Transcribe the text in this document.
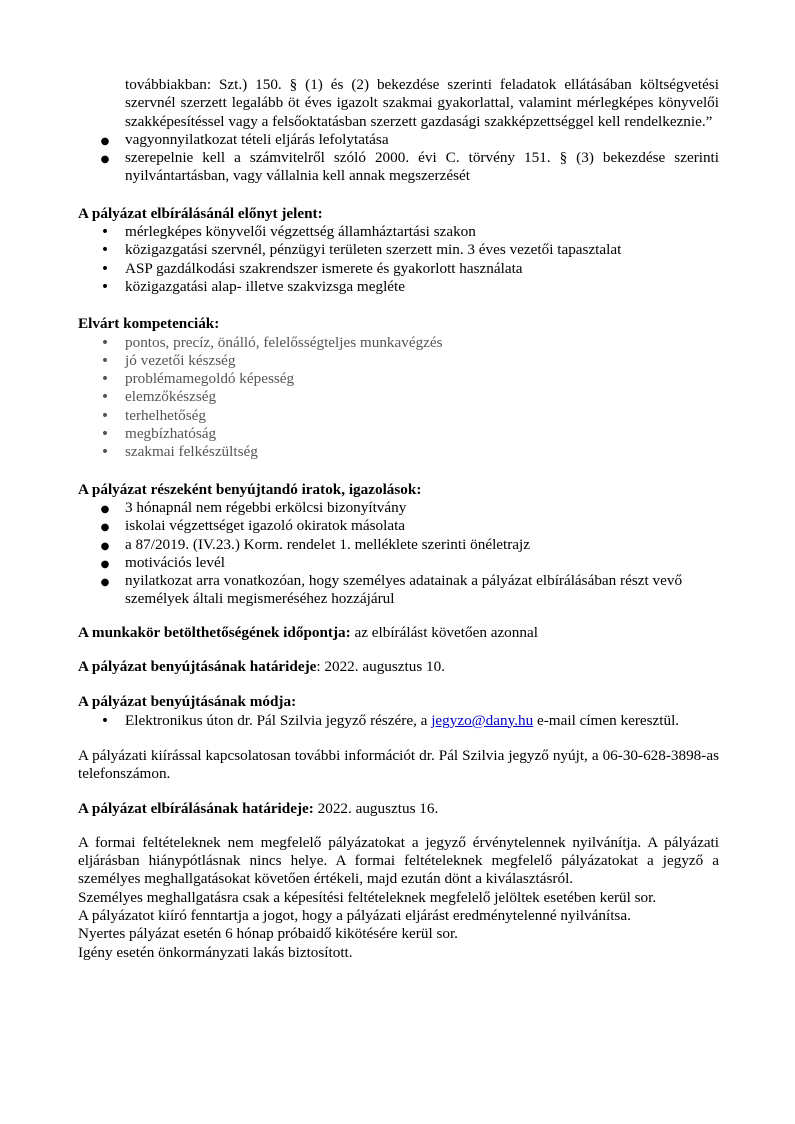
továbbiakban: Szt.) 150. § (1) és (2) bekezdése szerinti feladatok ellátásában költségvetési szervnél szerzett legalább öt éves igazolt szakmai gyakorlattal, valamint mérlegképes könyvelői szakképesítéssel vagy a felsőoktatásban szerzett gazdasági szakképzettséggel kell rendelkeznie.”

●
vagyonnyilatkozat tételi eljárás lefolytatása
●
szerepelnie kell a számvitelről szóló 2000. évi C. törvény 151. § (3) bekezdése szerinti nyilvántartásban, vagy vállalnia kell annak megszerzését

A pályázat elbírálásánál előnyt jelent:

•
mérlegképes könyvelői végzettség államháztartási szakon
•
közigazgatási szervnél, pénzügyi területen szerzett min. 3 éves vezetői tapasztalat
•
ASP gazdálkodási szakrendszer ismerete és gyakorlott használata
•
közigazgatási alap- illetve szakvizsga megléte

Elvárt kompetenciák:

•
pontos, precíz, önálló, felelősségteljes munkavégzés
•
jó vezetői készség
•
problémamegoldó képesség
•
elemzőkészség
•
terhelhetőség
•
megbízhatóság
•
szakmai felkészültség

A pályázat részeként benyújtandó iratok, igazolások:

●
3 hónapnál nem régebbi erkölcsi bizonyítvány
●
iskolai végzettséget igazoló okiratok másolata
●
a 87/2019. (IV.23.) Korm. rendelet 1. melléklete szerinti önéletrajz
●
motivációs levél
●
nyilatkozat arra vonatkozóan, hogy személyes adatainak a pályázat elbírálásában részt vevő személyek általi megismeréséhez hozzájárul

A munkakör betölthetőségének időpontja: az elbírálást követően azonnal

A pályázat benyújtásának határideje: 2022. augusztus 10.

A pályázat benyújtásának módja:

•
Elektronikus úton dr. Pál Szilvia jegyző részére, a jegyzo@dany.hu e-mail címen keresztül.

A pályázati kiírással kapcsolatosan további információt dr. Pál Szilvia jegyző nyújt, a 06-30-628-3898-as telefonszámon.

A pályázat elbírálásának határideje: 2022. augusztus 16.

A formai feltételeknek nem megfelelő pályázatokat a jegyző érvénytelennek nyilvánítja. A pályázati eljárásban hiánypótlásnak nincs helye. A formai feltételeknek megfelelő pályázatokat a jegyző a személyes meghallgatásokat követően értékeli, majd ezután dönt a kiválasztásról.

Személyes meghallgatásra csak a képesítési feltételeknek megfelelő jelöltek esetében kerül sor.

A pályázatot kiíró fenntartja a jogot, hogy a pályázati eljárást eredménytelenné nyilvánítsa.

Nyertes pályázat esetén 6 hónap próbaidő kikötésére kerül sor.

Igény esetén önkormányzati lakás biztosított.
